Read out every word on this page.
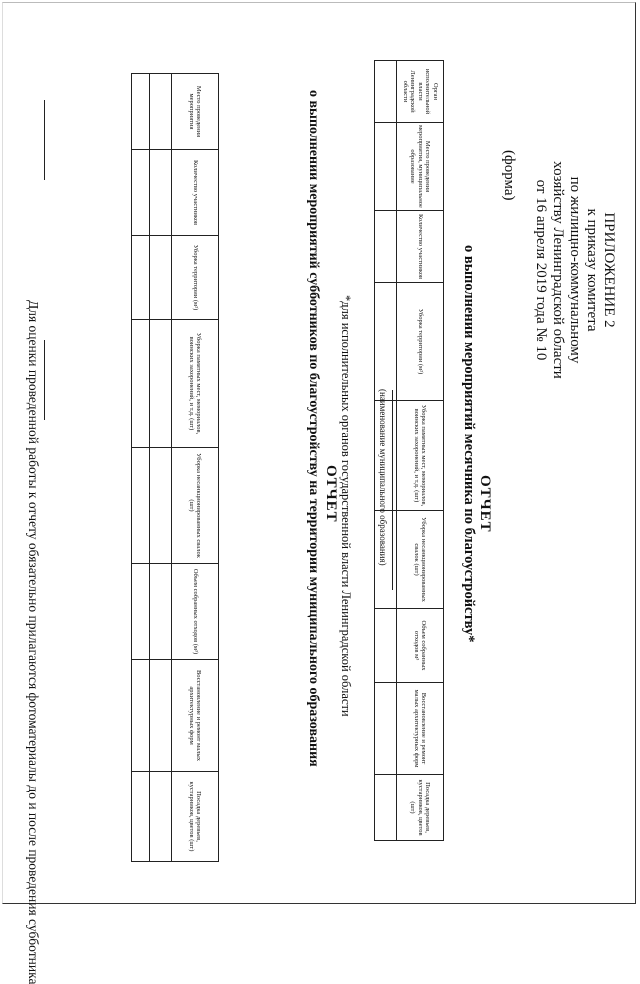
ПРИЛОЖЕНИЕ 2
к приказу комитета
по жилищно-коммунальному
хозяйству Ленинградской области
от 16 апреля 2019 года № 10
(форма)
ОТЧЕТ
о выполнении мероприятий месячника по благоустройству*
Орган исполнительной власти Ленинградской области	Место проведения мероприятия, муниципальное образование	Количество участников	Уборка территории (м²)	Уборка памятных мест, мемориалов, воинских захоронений, и т.д. (шт)	Уборка несанкционированных свалок (шт)	Объем собранных отходов м³	Восстановление и ремонт малых архитектурных форм	Посадка деревьев, кустарников, цветов (шт)

*для исполнительных органов государственной власти Ленинградской области
ОТЧЕТ
о выполнении мероприятий субботников по благоустройству на территории муниципального образования	(наименование муниципального образования)
Место проведения мероприятия	Количество участников	Уборка территории (м²)	Уборка памятных мест, мемориалов, воинских захоронений, и т.д. (шт)	Уборка несанкционированных свалок (шт)	Объем собранных отходов (м³)	Восстановление и ремонт малых архитектурных форм	Посадка деревьев, кустарников, цветов (шт)

Для оценки проведенной работы к отчету обязательно прилагаются фотоматериалы до и после проведения субботника
